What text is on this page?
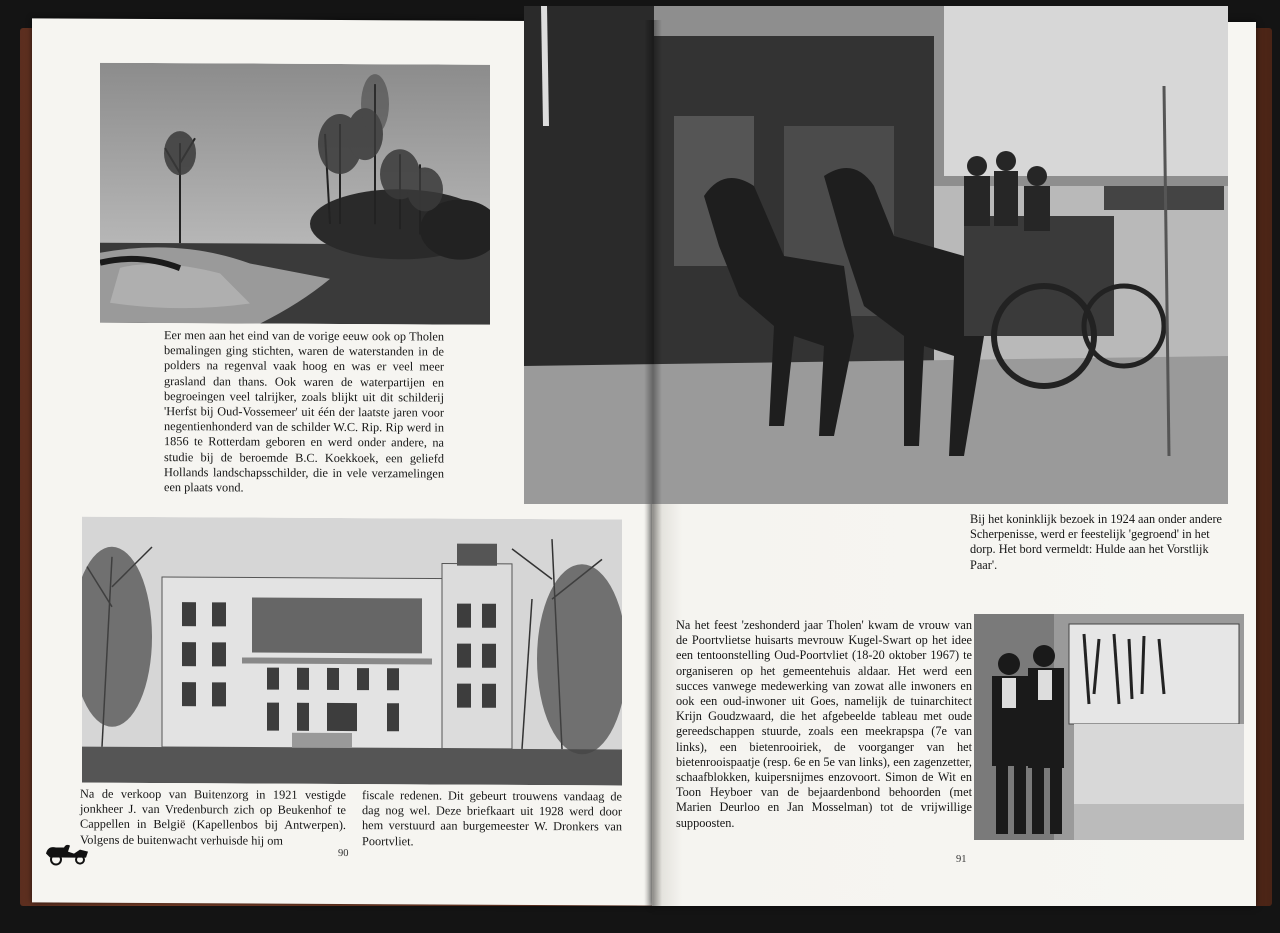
Eer men aan het eind van de vorige eeuw ook op Tholen bemalingen ging stichten, waren de waterstanden in de polders na regenval vaak hoog en was er veel meer grasland dan thans. Ook waren de waterpartijen en begroeingen veel talrijker, zoals blijkt uit dit schilderij 'Herfst bij Oud-Vossemeer' uit één der laatste jaren voor negentienhonderd van de schilder W.C. Rip. Rip werd in 1856 te Rotterdam geboren en werd onder andere, na studie bij de beroemde B.C. Koekkoek, een geliefd Hollands landschapsschilder, die in vele verzamelingen een plaats vond.

Na de verkoop van Buitenzorg in 1921 vestigde jonkheer J. van Vredenburch zich op Beukenhof te Cappellen in België (Kapellenbos bij Antwerpen). Volgens de buitenwacht verhuisde hij om

fiscale redenen. Dit gebeurt trouwens vandaag de dag nog wel. Deze briefkaart uit 1928 werd door hem verstuurd aan burgemeester W. Dronkers van Poortvliet.

90

Bij het koninklijk bezoek in 1924 aan onder andere Scherpenisse, werd er feestelijk 'gegroend' in het dorp. Het bord vermeldt: Hulde aan het Vorstlijk Paar'.

Na het feest 'zeshonderd jaar Tholen' kwam de vrouw van de Poortvlietse huisarts mevrouw Kugel-Swart op het idee een tentoonstelling Oud-Poortvliet (18-20 oktober 1967) te organiseren op het gemeentehuis aldaar. Het werd een succes vanwege medewerking van zowat alle inwoners en ook een oud-inwoner uit Goes, namelijk de tuinarchitect Krijn Goudzwaard, die het afgebeelde tableau met oude gereedschappen stuurde, zoals een meekrapspa (7e van links), een bietenrooiriek, de voorganger van het bietenrooispaatje (resp. 6e en 5e van links), een zagenzetter, schaafblokken, kuipersnijmes enzovoort. Simon de Wit en Toon Heyboer van de bejaardenbond behoorden (met Marien Deurloo en Jan Mosselman) tot de vrijwillige suppoosten.

91
